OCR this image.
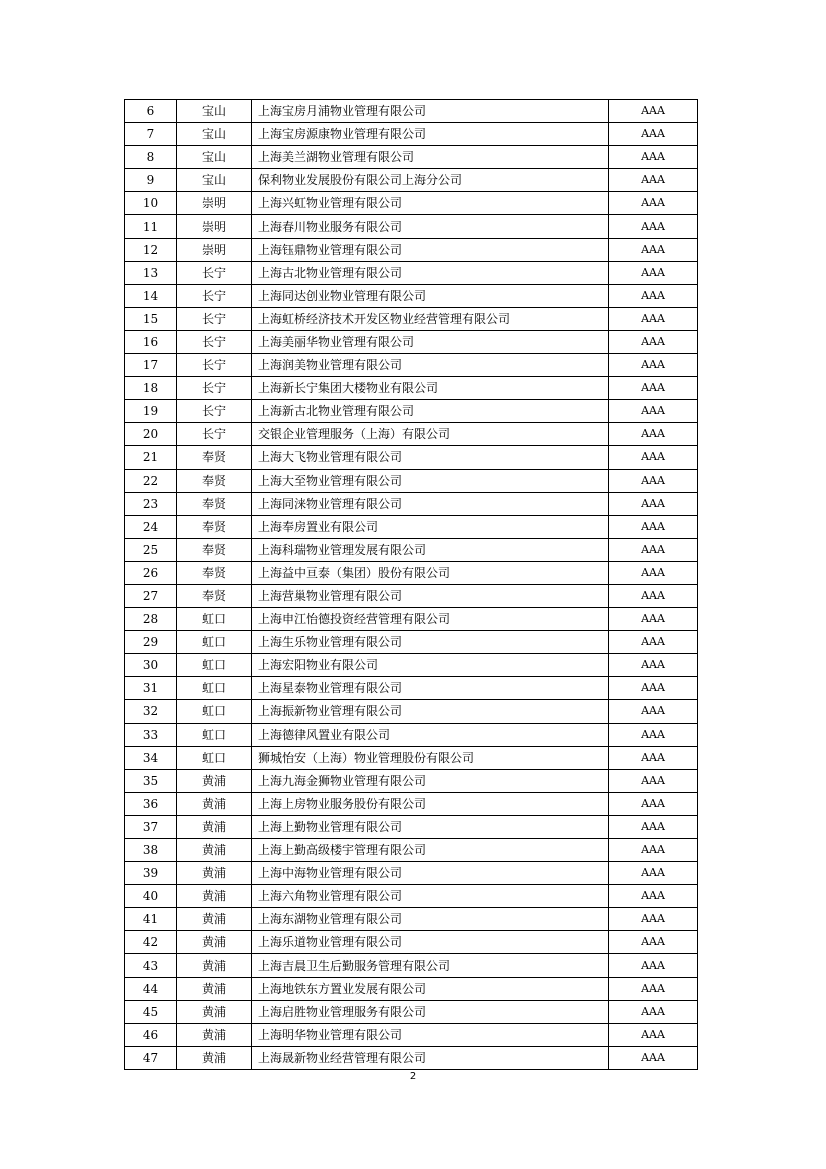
6	宝山	上海宝房月浦物业管理有限公司	AAA
7	宝山	上海宝房源康物业管理有限公司	AAA
8	宝山	上海美兰湖物业管理有限公司	AAA
9	宝山	保利物业发展股份有限公司上海分公司	AAA
10	崇明	上海兴虹物业管理有限公司	AAA
11	崇明	上海春川物业服务有限公司	AAA
12	崇明	上海钰鼎物业管理有限公司	AAA
13	长宁	上海古北物业管理有限公司	AAA
14	长宁	上海同达创业物业管理有限公司	AAA
15	长宁	上海虹桥经济技术开发区物业经营管理有限公司	AAA
16	长宁	上海美丽华物业管理有限公司	AAA
17	长宁	上海润美物业管理有限公司	AAA
18	长宁	上海新长宁集团大楼物业有限公司	AAA
19	长宁	上海新古北物业管理有限公司	AAA
20	长宁	交银企业管理服务（上海）有限公司	AAA
21	奉贤	上海大飞物业管理有限公司	AAA
22	奉贤	上海大至物业管理有限公司	AAA
23	奉贤	上海同涞物业管理有限公司	AAA
24	奉贤	上海奉房置业有限公司	AAA
25	奉贤	上海科瑞物业管理发展有限公司	AAA
26	奉贤	上海益中亘泰（集团）股份有限公司	AAA
27	奉贤	上海营巢物业管理有限公司	AAA
28	虹口	上海申江怡德投资经营管理有限公司	AAA
29	虹口	上海生乐物业管理有限公司	AAA
30	虹口	上海宏阳物业有限公司	AAA
31	虹口	上海星泰物业管理有限公司	AAA
32	虹口	上海振新物业管理有限公司	AAA
33	虹口	上海德律风置业有限公司	AAA
34	虹口	狮城怡安（上海）物业管理股份有限公司	AAA
35	黄浦	上海九海金狮物业管理有限公司	AAA
36	黄浦	上海上房物业服务股份有限公司	AAA
37	黄浦	上海上勤物业管理有限公司	AAA
38	黄浦	上海上勤高级楼宇管理有限公司	AAA
39	黄浦	上海中海物业管理有限公司	AAA
40	黄浦	上海六角物业管理有限公司	AAA
41	黄浦	上海东湖物业管理有限公司	AAA
42	黄浦	上海乐道物业管理有限公司	AAA
43	黄浦	上海吉晨卫生后勤服务管理有限公司	AAA
44	黄浦	上海地铁东方置业发展有限公司	AAA
45	黄浦	上海启胜物业管理服务有限公司	AAA
46	黄浦	上海明华物业管理有限公司	AAA
47	黄浦	上海晟新物业经营管理有限公司	AAA
2
